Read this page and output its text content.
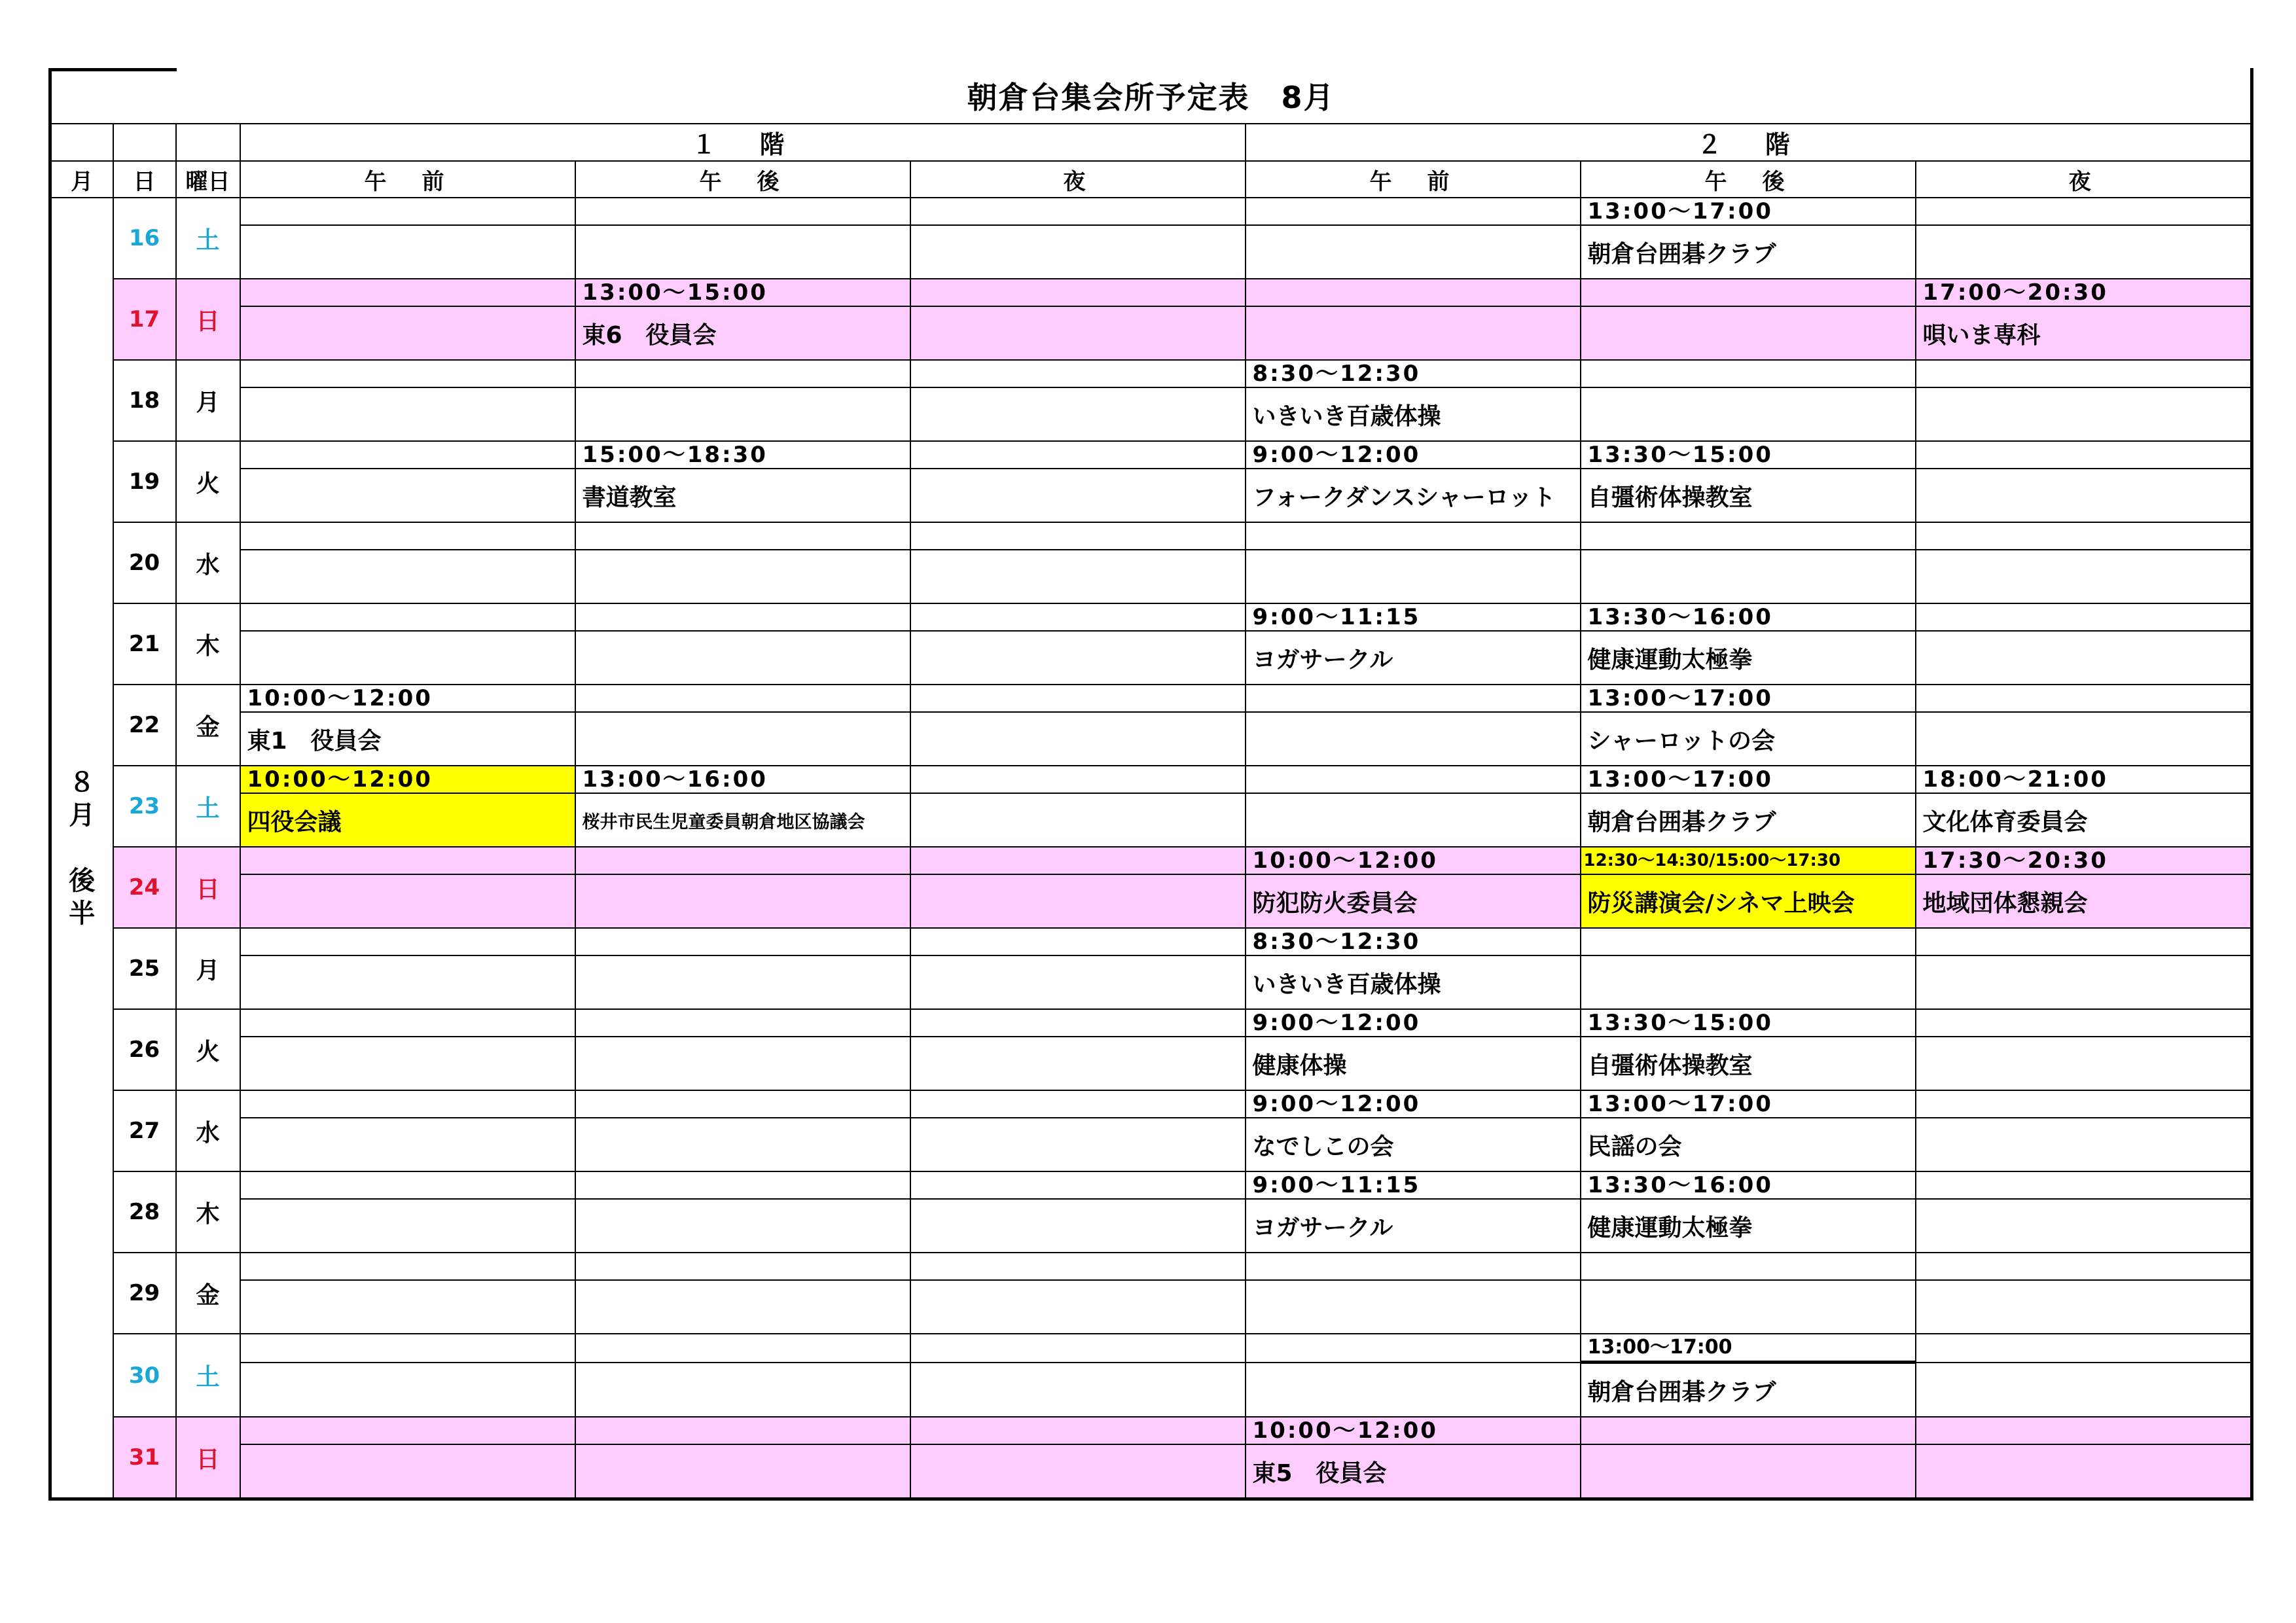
朝倉台集会所予定表　8月								
			１　階			２　階		
月	日	曜日	午　前	午　後	夜	午　前	午　後	夜

８
月

後
半	16	土					13:00～17:00	
							朝倉台囲碁クラブ	
	17	日		13:00～15:00				17:00～20:30
				東6　役員会				唄いま専科
	18	月				8:30～12:30		
						いきいき百歳体操		
	19	火		15:00～18:30		9:00～12:00	13:30～15:00	
				書道教室		フォークダンスシャーロット	自彊術体操教室	
	20	水						

	21	木				9:00～11:15	13:30～16:00	
						ヨガサークル	健康運動太極拳	
	22	金	10:00～12:00				13:00～17:00	
			東1　役員会				シャーロットの会	
	23	土	10:00～12:00	13:00～16:00			13:00～17:00	18:00～21:00
			四役会議	桜井市民生児童委員朝倉地区協議会			朝倉台囲碁クラブ	文化体育委員会
	24	日				10:00～12:00	12:30～14:30/15:00～17:30	17:30～20:30
						防犯防火委員会	防災講演会/シネマ上映会	地域団体懇親会
	25	月				8:30～12:30		
						いきいき百歳体操		
	26	火				9:00～12:00	13:30～15:00	
						健康体操	自彊術体操教室	
	27	水				9:00～12:00	13:00～17:00	
						なでしこの会	民謡の会	
	28	木				9:00～11:15	13:30～16:00	
						ヨガサークル	健康運動太極拳	
	29	金						

	30	土					13:00～17:00	
							朝倉台囲碁クラブ	
	31	日				10:00～12:00		
						東5　役員会		
